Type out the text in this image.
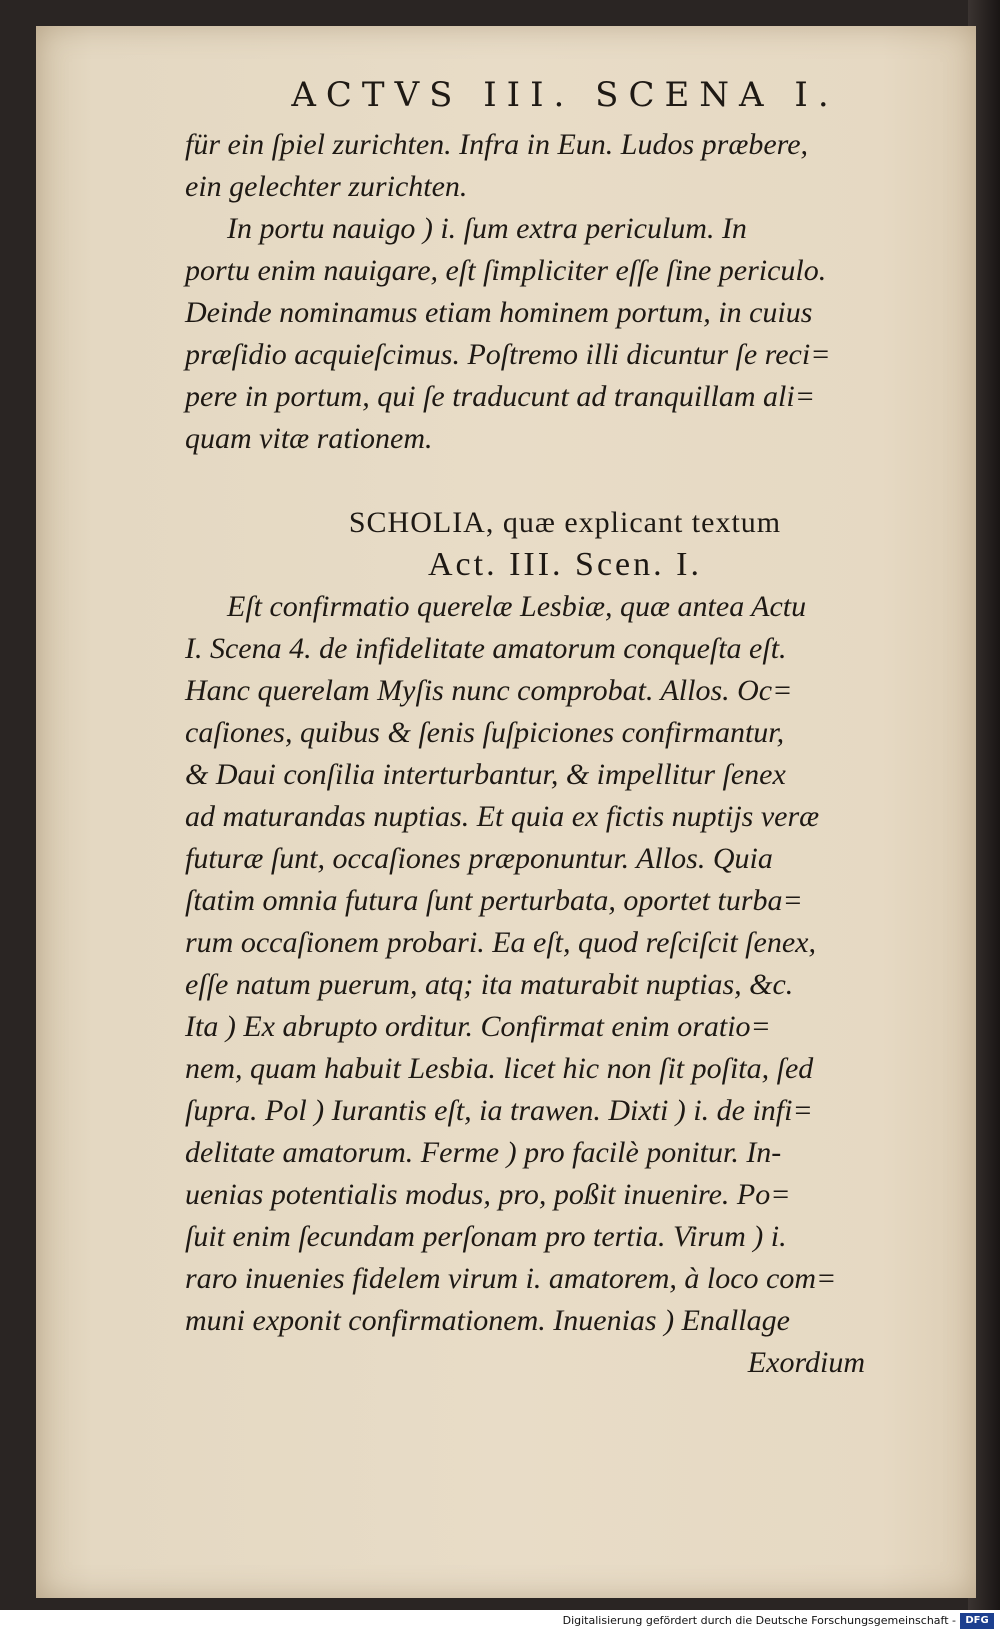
ACTVS III. SCENA I.
für ein ſpiel zurichten. Infra in Eun. Ludos præbere,
ein gelechter zurichten.
In portu nauigo ) i. ſum extra periculum. In
portu enim nauigare, eſt ſimpliciter eſſe ſine periculo.
Deinde nominamus etiam hominem portum, in cuius
præſidio acquieſcimus. Poſtremo illi dicuntur ſe reci=
pere in portum, qui ſe traducunt ad tranquillam ali=
quam vitæ rationem.
SCHOLIA, quæ explicant textum
Act. III. Scen. I.
Eſt confirmatio querelæ Lesbiæ, quæ antea Actu
I. Scena 4. de infidelitate amatorum conqueſta eſt.
Hanc querelam Myſis nunc comprobat. Allos. Oc=
caſiones, quibus & ſenis ſuſpiciones confirmantur,
& Daui conſilia interturbantur, & impellitur ſenex
ad maturandas nuptias. Et quia ex fictis nuptijs veræ
futuræ ſunt, occaſiones præponuntur. Allos. Quia
ſtatim omnia futura ſunt perturbata, oportet turba=
rum occaſionem probari. Ea eſt, quod reſciſcit ſenex,
eſſe natum puerum, atq; ita maturabit nuptias, &c.
Ita ) Ex abrupto orditur. Confirmat enim oratio=
nem, quam habuit Lesbia. licet hic non ſit poſita, ſed
ſupra. Pol ) Iurantis eſt, ia trawen. Dixti ) i. de infi=
delitate amatorum. Ferme ) pro facilè ponitur. In-
uenias potentialis modus, pro, poßit inuenire. Po=
ſuit enim ſecundam perſonam pro tertia. Virum ) i.
raro inuenies fidelem virum i. amatorem, à loco com=
muni exponit confirmationem. Inuenias ) Enallage
Exordium
Digitalisierung gefördert durch die Deutsche Forschungsgemeinschaft - DFG
